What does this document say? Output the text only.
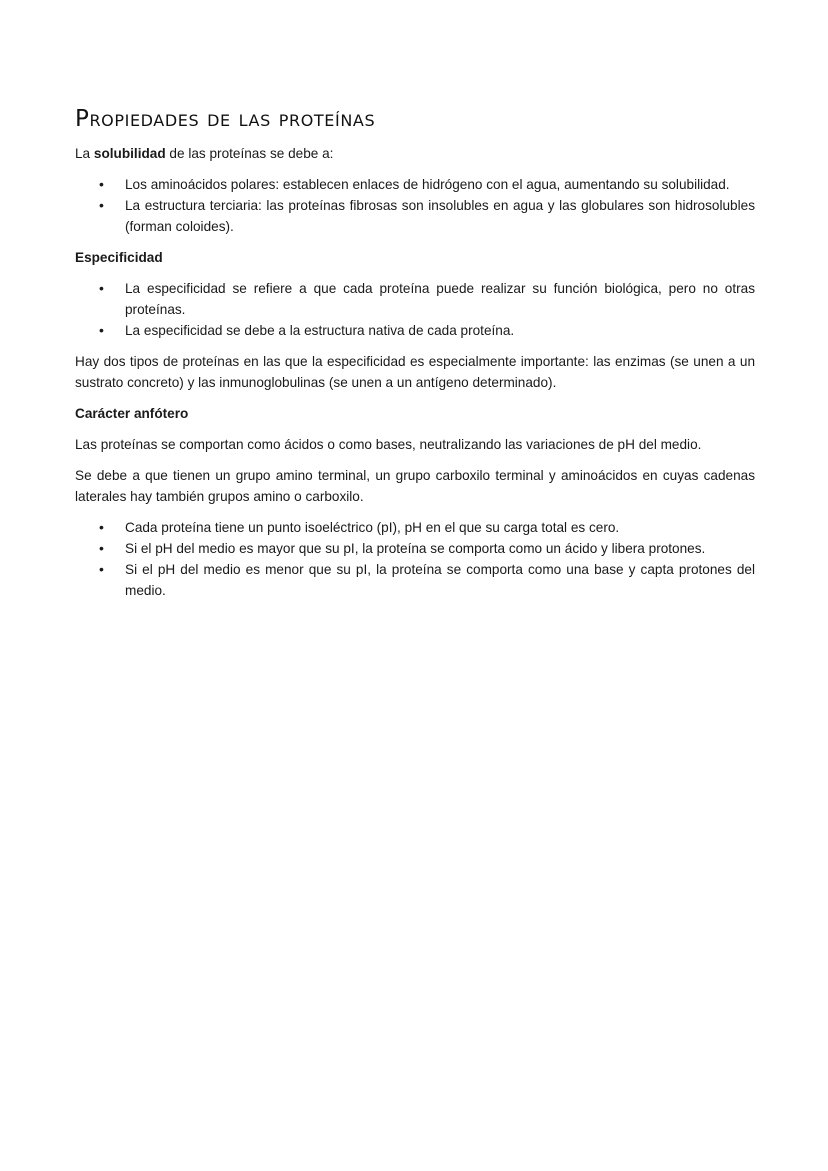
Propiedades de las proteínas

La solubilidad de las proteínas se debe a:

• Los aminoácidos polares: establecen enlaces de hidrógeno con el agua, aumentando su solubilidad.
• La estructura terciaria: las proteínas fibrosas son insolubles en agua y las globulares son hidrosolubles (forman coloides).

Especificidad

• La especificidad se refiere a que cada proteína puede realizar su función biológica, pero no otras proteínas.
• La especificidad se debe a la estructura nativa de cada proteína.

Hay dos tipos de proteínas en las que la especificidad es especialmente importante: las enzimas (se unen a un sustrato concreto) y las inmunoglobulinas (se unen a un antígeno determinado).

Carácter anfótero

Las proteínas se comportan como ácidos o como bases, neutralizando las variaciones de pH del medio.

Se debe a que tienen un grupo amino terminal, un grupo carboxilo terminal y aminoácidos en cuyas cadenas laterales hay también grupos amino o carboxilo.

• Cada proteína tiene un punto isoeléctrico (pI), pH en el que su carga total es cero.
• Si el pH del medio es mayor que su pI, la proteína se comporta como un ácido y libera protones.
• Si el pH del medio es menor que su pI, la proteína se comporta como una base y capta protones del medio.
